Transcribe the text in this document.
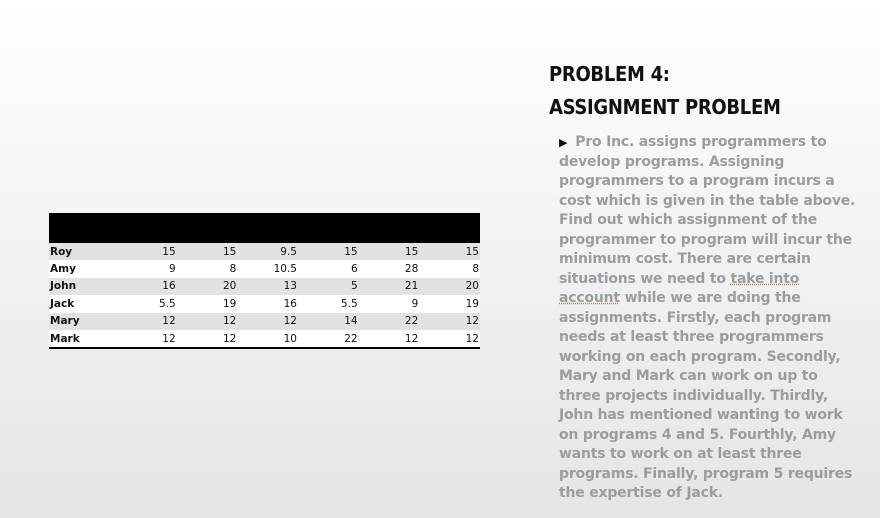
Roy	15	15	9.5	15	15	15
Amy	9	8	10.5	6	28	8
John	16	20	13	5	21	20
Jack	5.5	19	16	5.5	9	19
Mary	12	12	12	14	22	12
Mark	12	12	10	22	12	12
PROBLEM 4:
ASSIGNMENT PROBLEM
▶ Pro Inc. assigns programmers to develop programs. Assigning programmers to a program incurs a cost which is given in the table above. Find out which assignment of the programmer to program will incur the minimum cost. There are certain situations we need to take into account while we are doing the assignments. Firstly, each program needs at least three programmers working on each program. Secondly, Mary and Mark can work on up to three projects individually. Thirdly, John has mentioned wanting to work on programs 4 and 5. Fourthly, Amy wants to work on at least three programs. Finally, program 5 requires the expertise of Jack.
